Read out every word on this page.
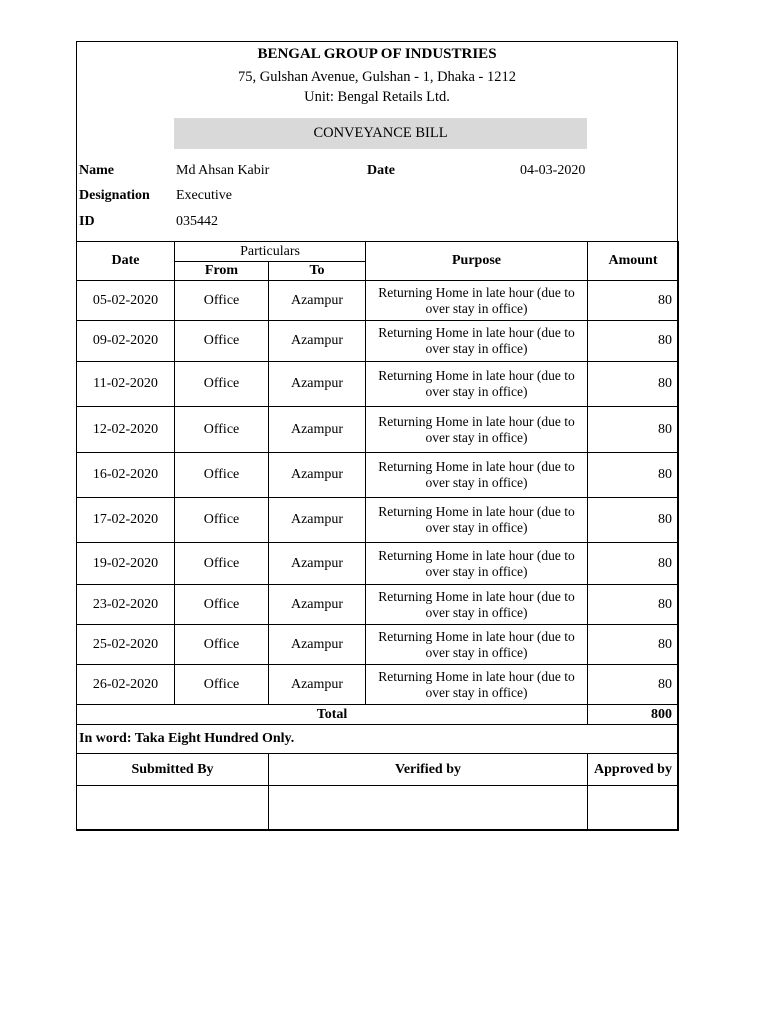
BENGAL GROUP OF INDUSTRIES
75, Gulshan Avenue, Gulshan - 1, Dhaka - 1212
Unit: Bengal Retails Ltd.
CONVEYANCE BILL
Name	Md Ahsan Kabir	Date	04-03-2020
Designation Executive
ID	035442
Date	Particulars		Purpose	Amount
	From	To		
05-02-2020	Office	Azampur	Returning Home in late hour (due to over stay in office)	80
09-02-2020	Office	Azampur	Returning Home in late hour (due to over stay in office)	80
11-02-2020	Office	Azampur	Returning Home in late hour (due to over stay in office)	80
12-02-2020	Office	Azampur	Returning Home in late hour (due to over stay in office)	80
16-02-2020	Office	Azampur	Returning Home in late hour (due to over stay in office)	80
17-02-2020	Office	Azampur	Returning Home in late hour (due to over stay in office)	80
19-02-2020	Office	Azampur	Returning Home in late hour (due to over stay in office)	80
23-02-2020	Office	Azampur	Returning Home in late hour (due to over stay in office)	80
25-02-2020	Office	Azampur	Returning Home in late hour (due to over stay in office)	80
26-02-2020	Office	Azampur	Returning Home in late hour (due to over stay in office)	80
Total				800
In word: Taka Eight Hundred Only.				
Submitted By		Verified by		Approved by
